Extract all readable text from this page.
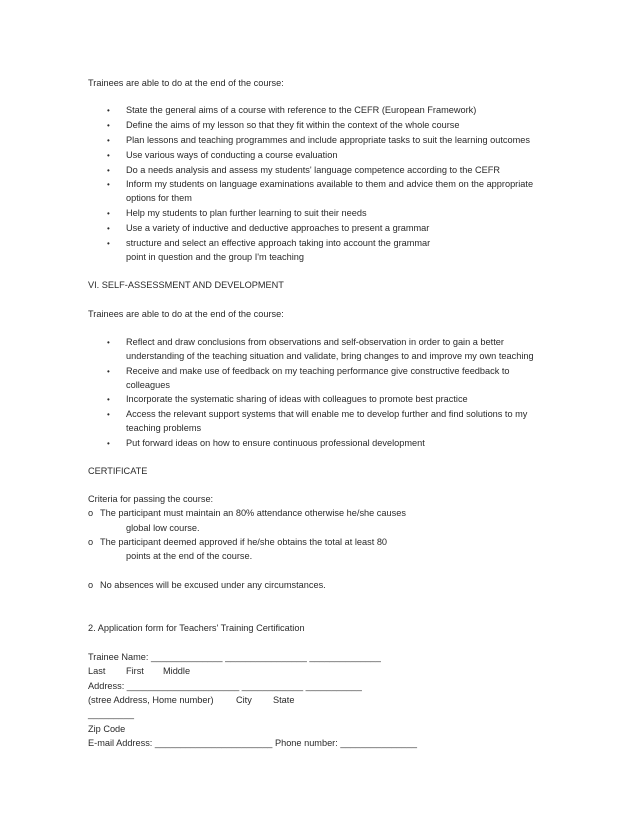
Trainees are able to do at the end of the course:
• State the general aims of a course with reference to the CEFR (European Framework)
• Define the aims of my lesson so that they fit within the context of the whole course
• Plan lessons and teaching programmes and include appropriate tasks to suit the learning outcomes
• Use various ways of conducting a course evaluation
• Do a needs analysis and assess my students' language competence according to the CEFR
• Inform my students on language examinations available to them and advice them on the appropriate
options for them
• Help my students to plan further learning to suit their needs
• Use a variety of inductive and deductive approaches to present a grammar
• structure and select an effective approach taking into account the grammar
point in question and the group I'm teaching
VI. SELF-ASSESSMENT AND DEVELOPMENT
Trainees are able to do at the end of the course:
• Reflect and draw conclusions from observations and self-observation in order to gain a better
understanding of the teaching situation and validate, bring changes to and improve my own teaching
• Receive and make use of feedback on my teaching performance give constructive feedback to
colleagues
• Incorporate the systematic sharing of ideas with colleagues to promote best practice
• Access the relevant support systems that will enable me to develop further and find solutions to my
teaching problems
• Put forward ideas on how to ensure continuous professional development
CERTIFICATE
Criteria for passing the course:
o The participant must maintain an 80% attendance otherwise he/she causes
global low course.
o The participant deemed approved if he/she obtains the total at least 80
points at the end of the course.
o No absences will be excused under any circumstances.
2. Application form for Teachers' Training Certification
Trainee Name: ______________ ________________ ______________
Last First Middle
Address: ______________________ ____________ ___________
(stree Address, Home number) City State
_________
Zip Code
E-mail Address: _______________________ Phone number: _______________
